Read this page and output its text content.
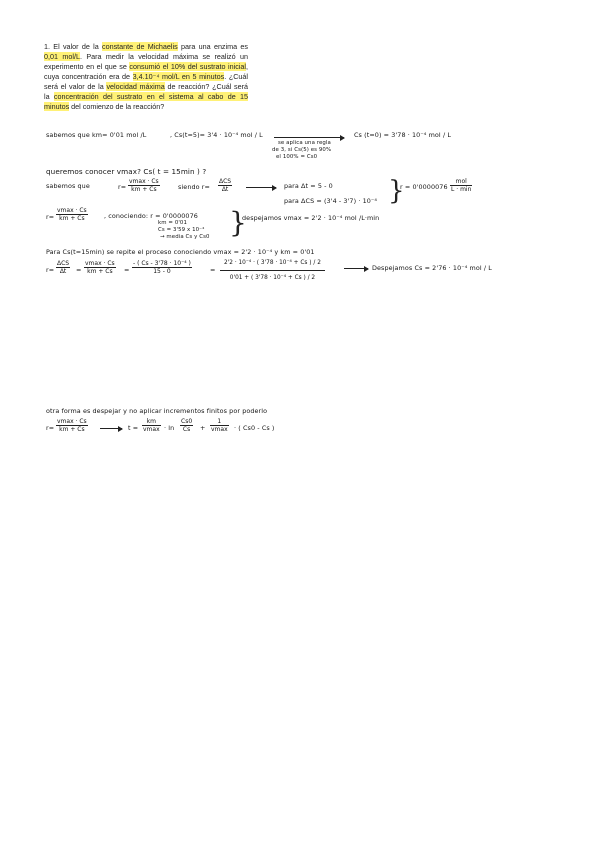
1. El valor de la constante de Michaelis para una enzima es 0,01 mol/L. Para medir la velocidad máxima se realizó un experimento en el que se consumió el 10% del sustrato inicial, cuya concentración era de 3,4.10⁻⁴ mol/L en 5 minutos. ¿Cuál será el valor de la velocidad máxima de reacción? ¿Cuál será la concentración del sustrato en el sistema al cabo de 15 minutos del comienzo de la reacción?
sabemos que km= 0'01 mol /L	, Cs(t=5)= 3'4 · 10⁻⁴ mol / L
se aplica una regla
de 3, si Cs(5) es 90%
el 100% = Cs0
Cs (t=0) = 3'78 · 10⁻⁴ mol / L
queremos conocer vmax? Cs( t = 15min ) ?
sabemos que	r=
vmax · Cs
km + Cs	siendo r=
ΔCS
Δt	para Δt = 5 - 0
para ΔCS = (3'4 - 3'7) · 10⁻⁴ }
r = 0'0000076
mol
L · min
r=
vmax · Cs
km + Cs	, conociendo: r = 0'0000076
km = 0'01
Cs = 3'59 x 10⁻⁴
→ media Cs y Cs0 }
despejamos vmax = 2'2 · 10⁻⁴ mol /L·min
Para Cs(t=15min) se repite el proceso conociendo vmax = 2'2 · 10⁻⁴ y km = 0'01
r=
ΔCS
Δt	=
vmax · Cs
km + Cs	= $\frac{\text{- ( Cs - 3'78 · 10⁻⁴ )}}{15 - 0}$	= $\frac{\text{2'2 · 10⁻⁴ · ( 3'78 · 10⁻⁴ + Cs ) / 2}}{\text{0'01 + ( 3'78 · 10⁻⁴ + Cs ) / 2}}$	Despejamos Cs = 2'76 · 10⁻⁴ mol / L
otra forma es despejar y no aplicar incrementos finitos por poderlo
r=
vmax · Cs
km + Cs	t =
km
$vmax \cdot \ln \frac{Cs0}{Cs}$ +
1
vmax · ( Cs0 - Cs )
